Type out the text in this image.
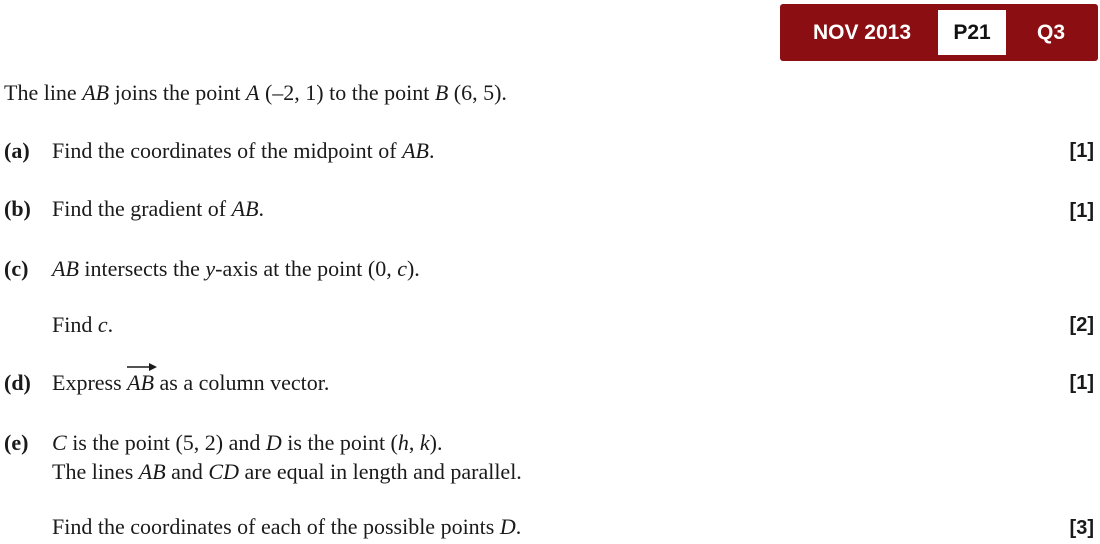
NOV 2013	P21	Q3
The line AB joins the point A (–2, 1) to the point B (6, 5).
(a) Find the coordinates of the midpoint of AB.	[1]
(b) Find the gradient of AB.	[1]
(c) AB intersects the y-axis at the point (0, c).
Find c.	[2]
(d) Express AB
as a column vector.	[1]
(e) C is the point (5, 2) and D is the point (h, k).
The lines AB and CD are equal in length and parallel.
Find the coordinates of each of the possible points D.	[3]
